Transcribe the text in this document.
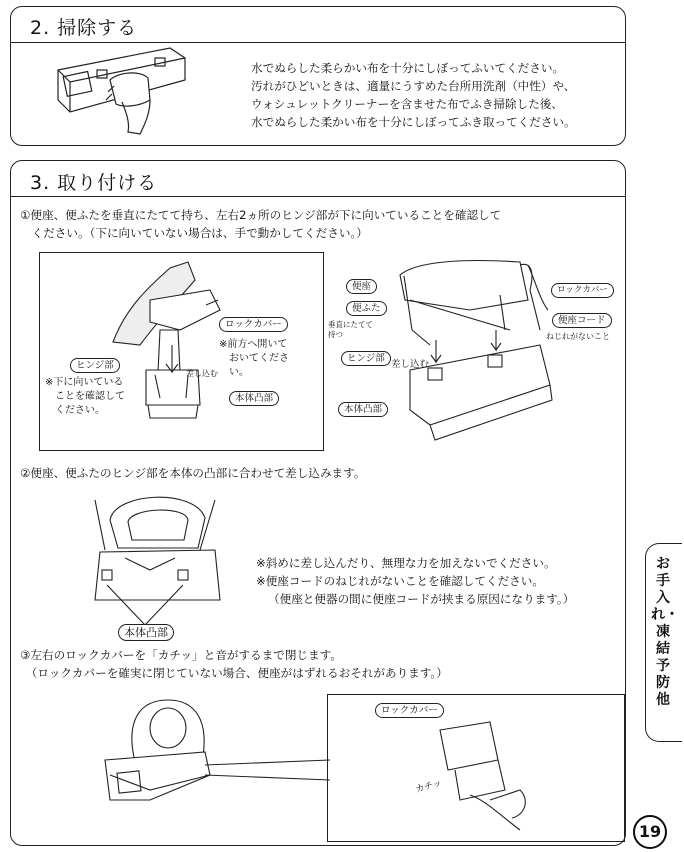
2. 掃除する
水でぬらした柔らかい布を十分にしぼってふいてください。
汚れがひどいときは、適量にうすめた台所用洗剤（中性）や、
ウォシュレットクリーナーを含ませた布でふき掃除した後、
水でぬらした柔かい布を十分にしぼってふき取ってください。
3. 取り付ける
①便座、便ふたを垂直にたてて持ち、左右2ヵ所のヒンジ部が下に向いていることを確認して
　ください。（下に向いていない場合は、手で動かしてください。）
ロックカバー
※前方へ開いて
おいてくださ
い。
ヒンジ部
差し込む
※下に向いている
ことを確認して
ください。
本体凸部
便座
便ふた
垂直にたてて
持つ
ヒンジ部
差し込む
本体凸部
ロックカバー
便座コード
ねじれがないこと
②便座、便ふたのヒンジ部を本体の凸部に合わせて差し込みます。
※斜めに差し込んだり、無理な力を加えないでください。
※便座コードのねじれがないことを確認してください。
（便座と便器の間に便座コードが挟まる原因になります。）
本体凸部
③左右のロックカバーを「カチッ」と音がするまで閉じます。
　（ロックカバーを確実に閉じていない場合、便座がはずれるおそれがあります。）
ロックカバー
カチッ
お手入れ・凍結予防　他
19
